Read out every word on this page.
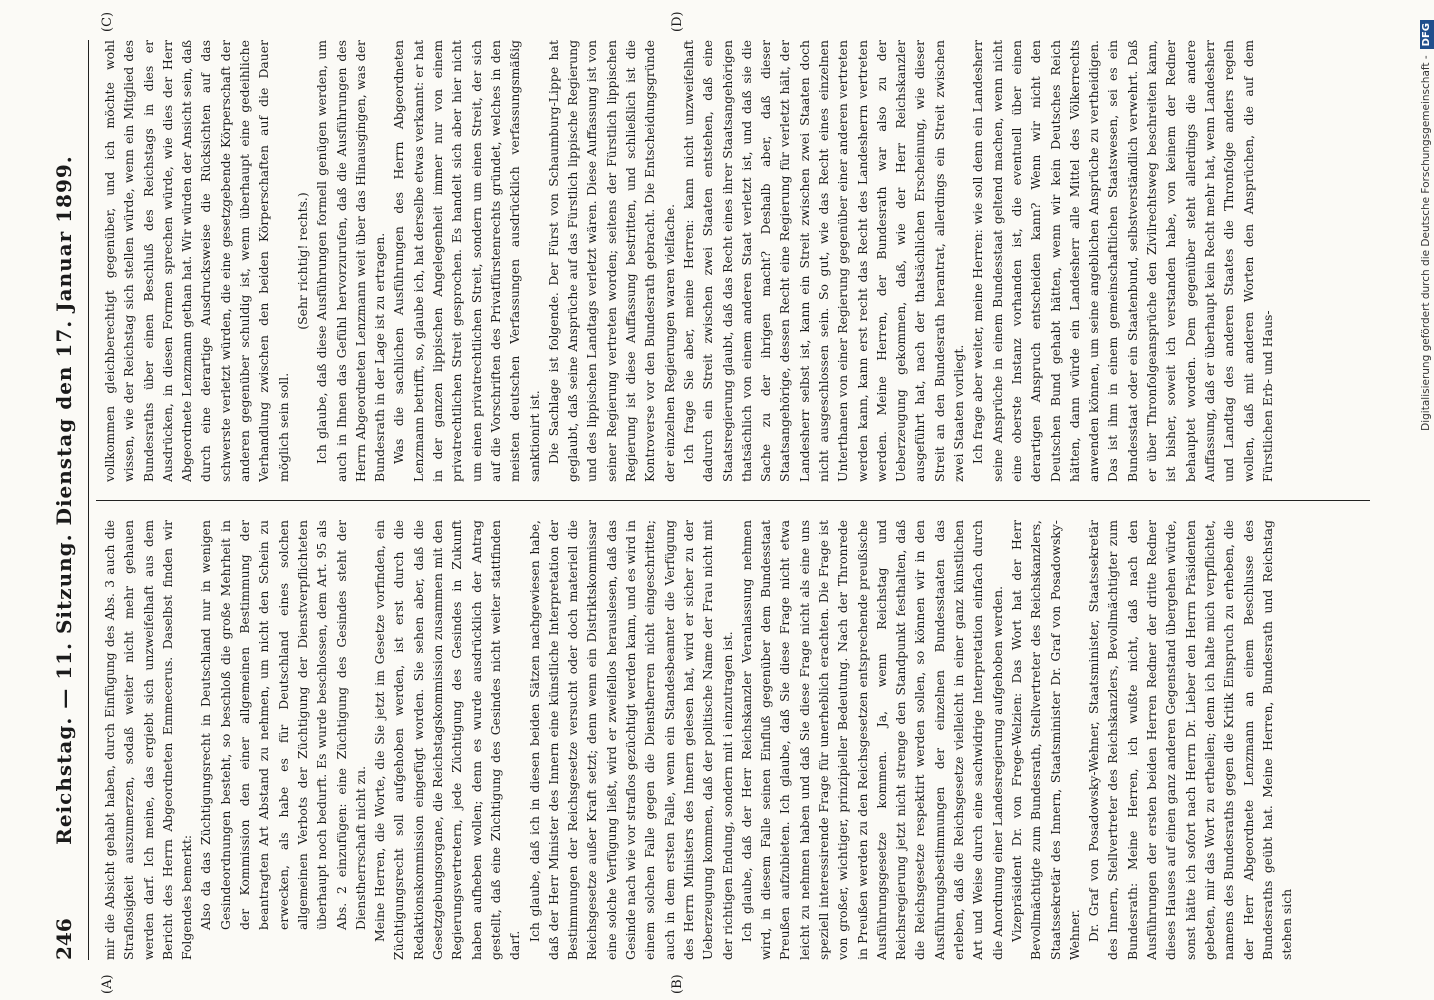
246
Reichstag. — 11. Sitzung. Dienstag den 17. Januar 1899.
(A)	(B)
(C)	(D)

mir die Absicht gehabt haben, durch Einfügung des Abs. 3 auch die Straflosigkeit auszumerzen, sodaß weiter nicht mehr gehauen werden darf. Ich meine, das ergiebt sich unzweifelhaft aus dem Bericht des Herrn Abgeordneten Emmecerus. Daselbst finden wir Folgendes bemerkt: Also da das Züchtigungsrecht in Deutschland nur in wenigen Gesindeordnungen besteht, so beschloß die große Mehrheit in der Kommission den einer allgemeinen Bestimmung der beantragten Art Abstand zu nehmen, um nicht den Schein zu erwecken, als habe es für Deutschland eines solchen allgemeinen Verbots der Züchtigung der Dienstverpflichteten überhaupt noch bedurft. Es wurde beschlossen, dem Art. 95 als Abs. 2 einzufügen: eine Züchtigung des Gesindes steht der Dienstherrschaft nicht zu. Meine Herren, die Worte, die Sie jetzt im Gesetze vorfinden, ein Züchtigungsrecht soll aufgehoben werden, ist erst durch die Redaktionskommission eingefügt worden. Sie sehen aber, daß die Gesetzgebungsorgane, die Reichstagskommission zusammen mit den Regierungsvertretern, jede Züchtigung des Gesindes in Zukunft haben aufheben wollen; denn es wurde ausdrücklich der Antrag gestellt, daß eine Züchtigung des Gesindes nicht weiter stattfinden darf.

Ich glaube, daß ich in diesen beiden Sätzen nachgewiesen habe, daß der Herr Minister des Innern eine künstliche Interpretation der Bestimmungen der Reichsgesetze versucht oder doch materiell die Reichsgesetze außer Kraft setzt; denn wenn ein Distriktskommissar eine solche Verfügung ließt, wird er zweifellos herauslesen, daß das Gesinde nach wie vor straflos gezüchtigt werden kann, und es wird in einem solchen Falle gegen die Dienstherren nicht eingeschritten; auch in dem ersten Falle, wenn ein Standesbeamter die Verfügung des Herrn Ministers des Innern gelesen hat, wird er sicher zu der Ueberzeugung kommen, daß der politische Name der Frau nicht mit der richtigen Endung, sondern mit i einzutragen ist. Ich glaube, daß der Herr Reichskanzler Veranlassung nehmen wird, in diesem Falle seinen Einfluß gegenüber dem Bundesstaat Preußen aufzubieten. Ich glaube, daß Sie diese Frage nicht etwa leicht zu nehmen haben und daß Sie diese Frage nicht als eine uns speziell interessirende Frage für unerheblich erachten. Die Frage ist von großer, wichtiger, prinzipieller Bedeutung. Nach der Thronrede in Preußen werden zu den Reichsgesetzen entsprechende preußische Ausführungsgesetze kommen. Ja, wenn Reichstag und Reichsregierung jetzt nicht strenge den Standpunkt festhalten, daß die Reichsgesetze respektirt werden sollen, so können wir in den Ausführungsbestimmungen der einzelnen Bundesstaaten das erleben, daß die Reichsgesetze vielleicht in einer ganz künstlichen Art und Weise durch eine sachwidrige Interpretation einfach durch die Anordnung einer Landesregierung aufgehoben werden. Vizepräsident Dr. von Frege-Welzien: Das Wort hat der Herr Bevollmächtigte zum Bundesrath, Stellvertreter des Reichskanzlers, Staatssekretär des Innern, Staatsminister Dr. Graf von Posadowsky-Wehner. Dr. Graf von Posadowsky-Wehner, Staatsminister, Staatssekretär des Innern, Stellvertreter des Reichskanzlers, Bevollmächtigter zum Bundesrath: Meine Herren, ich wußte nicht, daß nach den Ausführungen der ersten beiden Herren Redner der dritte Redner dieses Hauses auf einen ganz anderen Gegenstand übergehen würde, sonst hätte ich sofort nach Herrn Dr. Lieber den Herrn Präsidenten gebeten, mir das Wort zu ertheilen; denn ich halte mich verpflichtet, namens des Bundesraths gegen die Kritik Einspruch zu erheben, die der Herr Abgeordnete Lenzmann an einem Beschlusse des Bundesraths geübt hat. Meine Herren, Bundesrath und Reichstag stehen sich

vollkommen gleichberechtigt gegenüber, und ich möchte wohl wissen, wie der Reichstag sich stellen würde, wenn ein Mitglied des Bundesraths über einen Beschluß des Reichstags in dies er Ausdrücken, in diesen Formen sprechen würde, wie dies der Herr Abgeordnete Lenzmann gethan hat. Wir würden der Ansicht sein, daß durch eine derartige Ausdrucksweise die Rücksichten auf das schwerste verletzt würden, die eine gesetzgebende Körperschaft der anderen gegenüber schuldig ist, wenn überhaupt eine gedeihliche Verhandlung zwischen den beiden Körperschaften auf die Dauer möglich sein soll.

(Sehr richtig! rechts.) Ich glaube, daß diese Ausführungen formell genügen werden, um auch in Ihnen das Gefühl hervorzurufen, daß die Ausführungen des Herrn Abgeordneten Lenzmann weit über das Hinausgingen, was der Bundesrath in der Lage ist zu ertragen. Was die sachlichen Ausführungen des Herrn Abgeordneten Lenzmann betrifft, so, glaube ich, hat derselbe etwas verkannt: er hat in der ganzen lippischen Angelegenheit immer nur von einem privatrechtlichen Streit gesprochen. Es handelt sich aber hier nicht um einen privatrechtlichen Streit, sondern um einen Streit, der sich auf die Vorschriften des Privatfürstenrechts gründet, welches in den meisten deutschen Verfassungen ausdrücklich verfassungsmäßig sanktionirt ist. Die Sachlage ist folgende. Der Fürst von Schaumburg-Lippe hat geglaubt, daß seine Ansprüche auf das Fürstlich lippische Regierung und des lippischen Landtags verletzt wären. Diese Auffassung ist von seiner Regierung vertreten worden; seitens der Fürstlich lippischen Regierung ist diese Auffassung bestritten, und schließlich ist die Kontroverse vor den Bundesrath gebracht. Die Entscheidungsgründe der einzelnen Regierungen waren vielfache. Ich frage Sie aber, meine Herren: kann nicht unzweifelhaft dadurch ein Streit zwischen zwei Staaten entstehen, daß eine Staatsregierung glaubt, daß das Recht eines ihrer Staatsangehörigen thatsächlich von einem anderen Staat verletzt ist, und daß sie die Sache zu der ihrigen macht? Deshalb aber, daß dieser Staatsangehörige, dessen Recht eine Regierung für verletzt hält, der Landesherr selbst ist, kann ein Streit zwischen zwei Staaten doch nicht ausgeschlossen sein. So gut, wie das Recht eines einzelnen Unterthanen von einer Regierung gegenüber einer anderen vertreten werden kann, kann erst recht das Recht des Landesherrn vertreten werden. Meine Herren, der Bundesrath war also zu der Ueberzeugung gekommen, daß, wie der Herr Reichskanzler ausgeführt hat, nach der thatsächlichen Erscheinung, wie dieser Streit an den Bundesrath herantrat, allerdings ein Streit zwischen zwei Staaten vorliegt. Ich frage aber weiter, meine Herren: wie soll denn ein Landesherr seine Ansprüche in einem Bundesstaat geltend machen, wenn nicht eine oberste Instanz vorhanden ist, die eventuell über einen derartigen Anspruch entscheiden kann? Wenn wir nicht den Deutschen Bund gehabt hätten, wenn wir kein Deutsches Reich hätten, dann würde ein Landesherr alle Mittel des Völkerrechts anwenden können, um seine angeblichen Ansprüche zu vertheidigen. Das ist ihm in einem gemeinschaftlichen Staatswesen, sei es ein Bundesstaat oder ein Staatenbund, selbstverständlich verwehrt. Daß er über Thronfolgeansprüche den Zivilrechtsweg beschreiten kann, ist bisher, soweit ich verstanden habe, von keinem der Redner behauptet worden. Dem gegenüber steht allerdings die andere Auffassung, daß er überhaupt kein Recht mehr hat, wenn Landesherr und Landtag des anderen Staates die Thronfolge anders regeln wollen, daß mit anderen Worten den Ansprüchen, die auf dem Fürstlichen Erb- und Haus-	Digitalisierung gefördert durch die Deutsche Forschungsgemeinschaft -DFG
